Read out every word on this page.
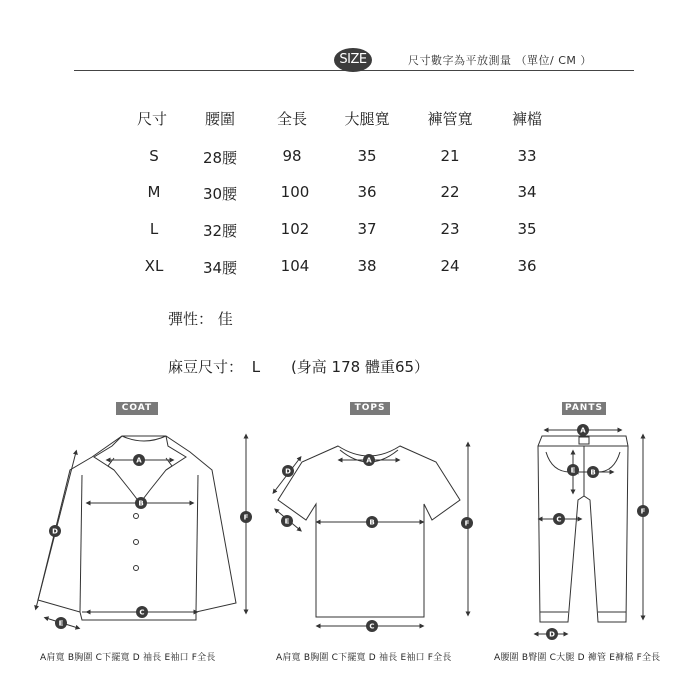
SIZE	尺寸數字為平放測量 （單位/ CM ）
尺寸	腰圍	全長 大腿寬	褲管寬	褲檔
S	28腰	98	35	21	33
M	30腰	100	36	22	34
L	32腰	102	37	23	35
XL	34腰	104	38	24	36
彈性： 佳
麻豆尺寸： L (身高 178 體重65）
COAT	TOPS	PANTS
A
B
C
D
E
F
A
B
C
D
E	F
A
B
C
D
E
F
A肩寬 B胸圍 C下擺寬 D 袖長 E袖口 F全長	A肩寬 B胸圍 C下擺寬 D 袖長 E袖口 F全長	A腰圍 B臀圍 C大腿 D 褲管 E褲檔 F全長
